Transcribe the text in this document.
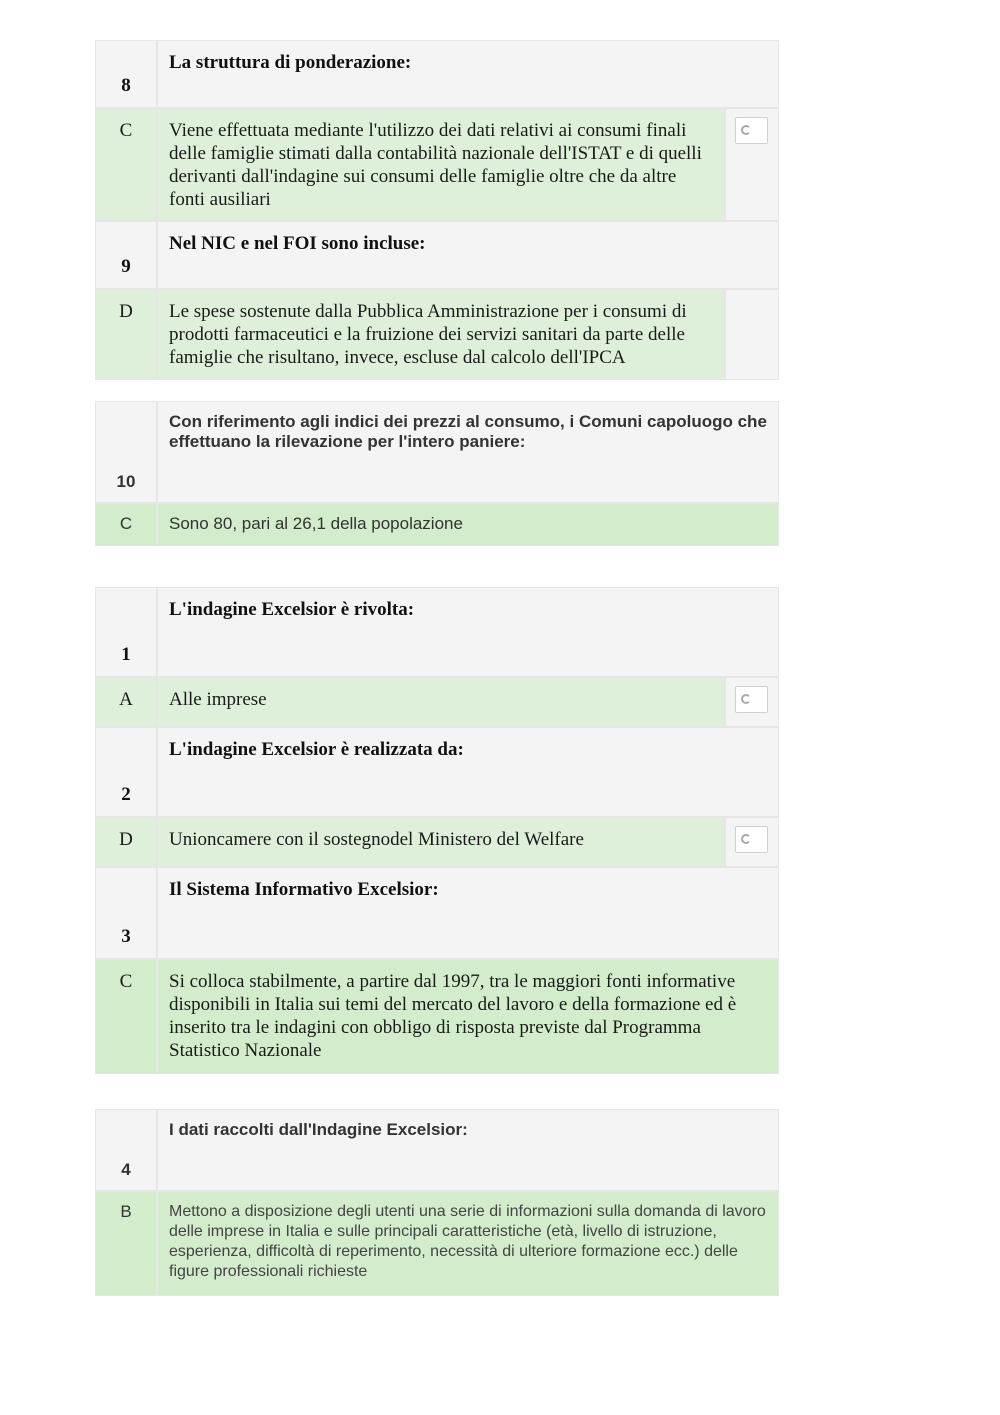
8
La struttura di ponderazione:
C	Viene effettuata mediante l'utilizzo dei dati relativi ai consumi finali delle famiglie stimati dalla contabilità nazionale dell'ISTAT e di quelli derivanti dall'indagine sui consumi delle famiglie oltre che da altre fonti ausiliari
9
Nel NIC e nel FOI sono incluse:
D	Le spese sostenute dalla Pubblica Amministrazione per i consumi di prodotti farmaceutici e la fruizione dei servizi sanitari da parte delle famiglie che risultano, invece, escluse dal calcolo dell'IPCA
10
Con riferimento agli indici dei prezzi al consumo, i Comuni capoluogo che effettuano la rilevazione per l'intero paniere:
C	Sono 80, pari al 26,1 della popolazione
1
L'indagine Excelsior è rivolta:
A	Alle imprese
2
L'indagine Excelsior è realizzata da:
D	Unioncamere con il sostegnodel Ministero del Welfare
3
Il Sistema Informativo Excelsior:
C	Si colloca stabilmente, a partire dal 1997, tra le maggiori fonti informative disponibili in Italia sui temi del mercato del lavoro e della formazione ed è inserito tra le indagini con obbligo di risposta previste dal Programma Statistico Nazionale
4
I dati raccolti dall'Indagine Excelsior:
B	Mettono a disposizione degli utenti una serie di informazioni sulla domanda di lavoro delle imprese in Italia e sulle principali caratteristiche (età, livello di istruzione, esperienza, difficoltà di reperimento, necessità di ulteriore formazione ecc.) delle figure professionali richieste
